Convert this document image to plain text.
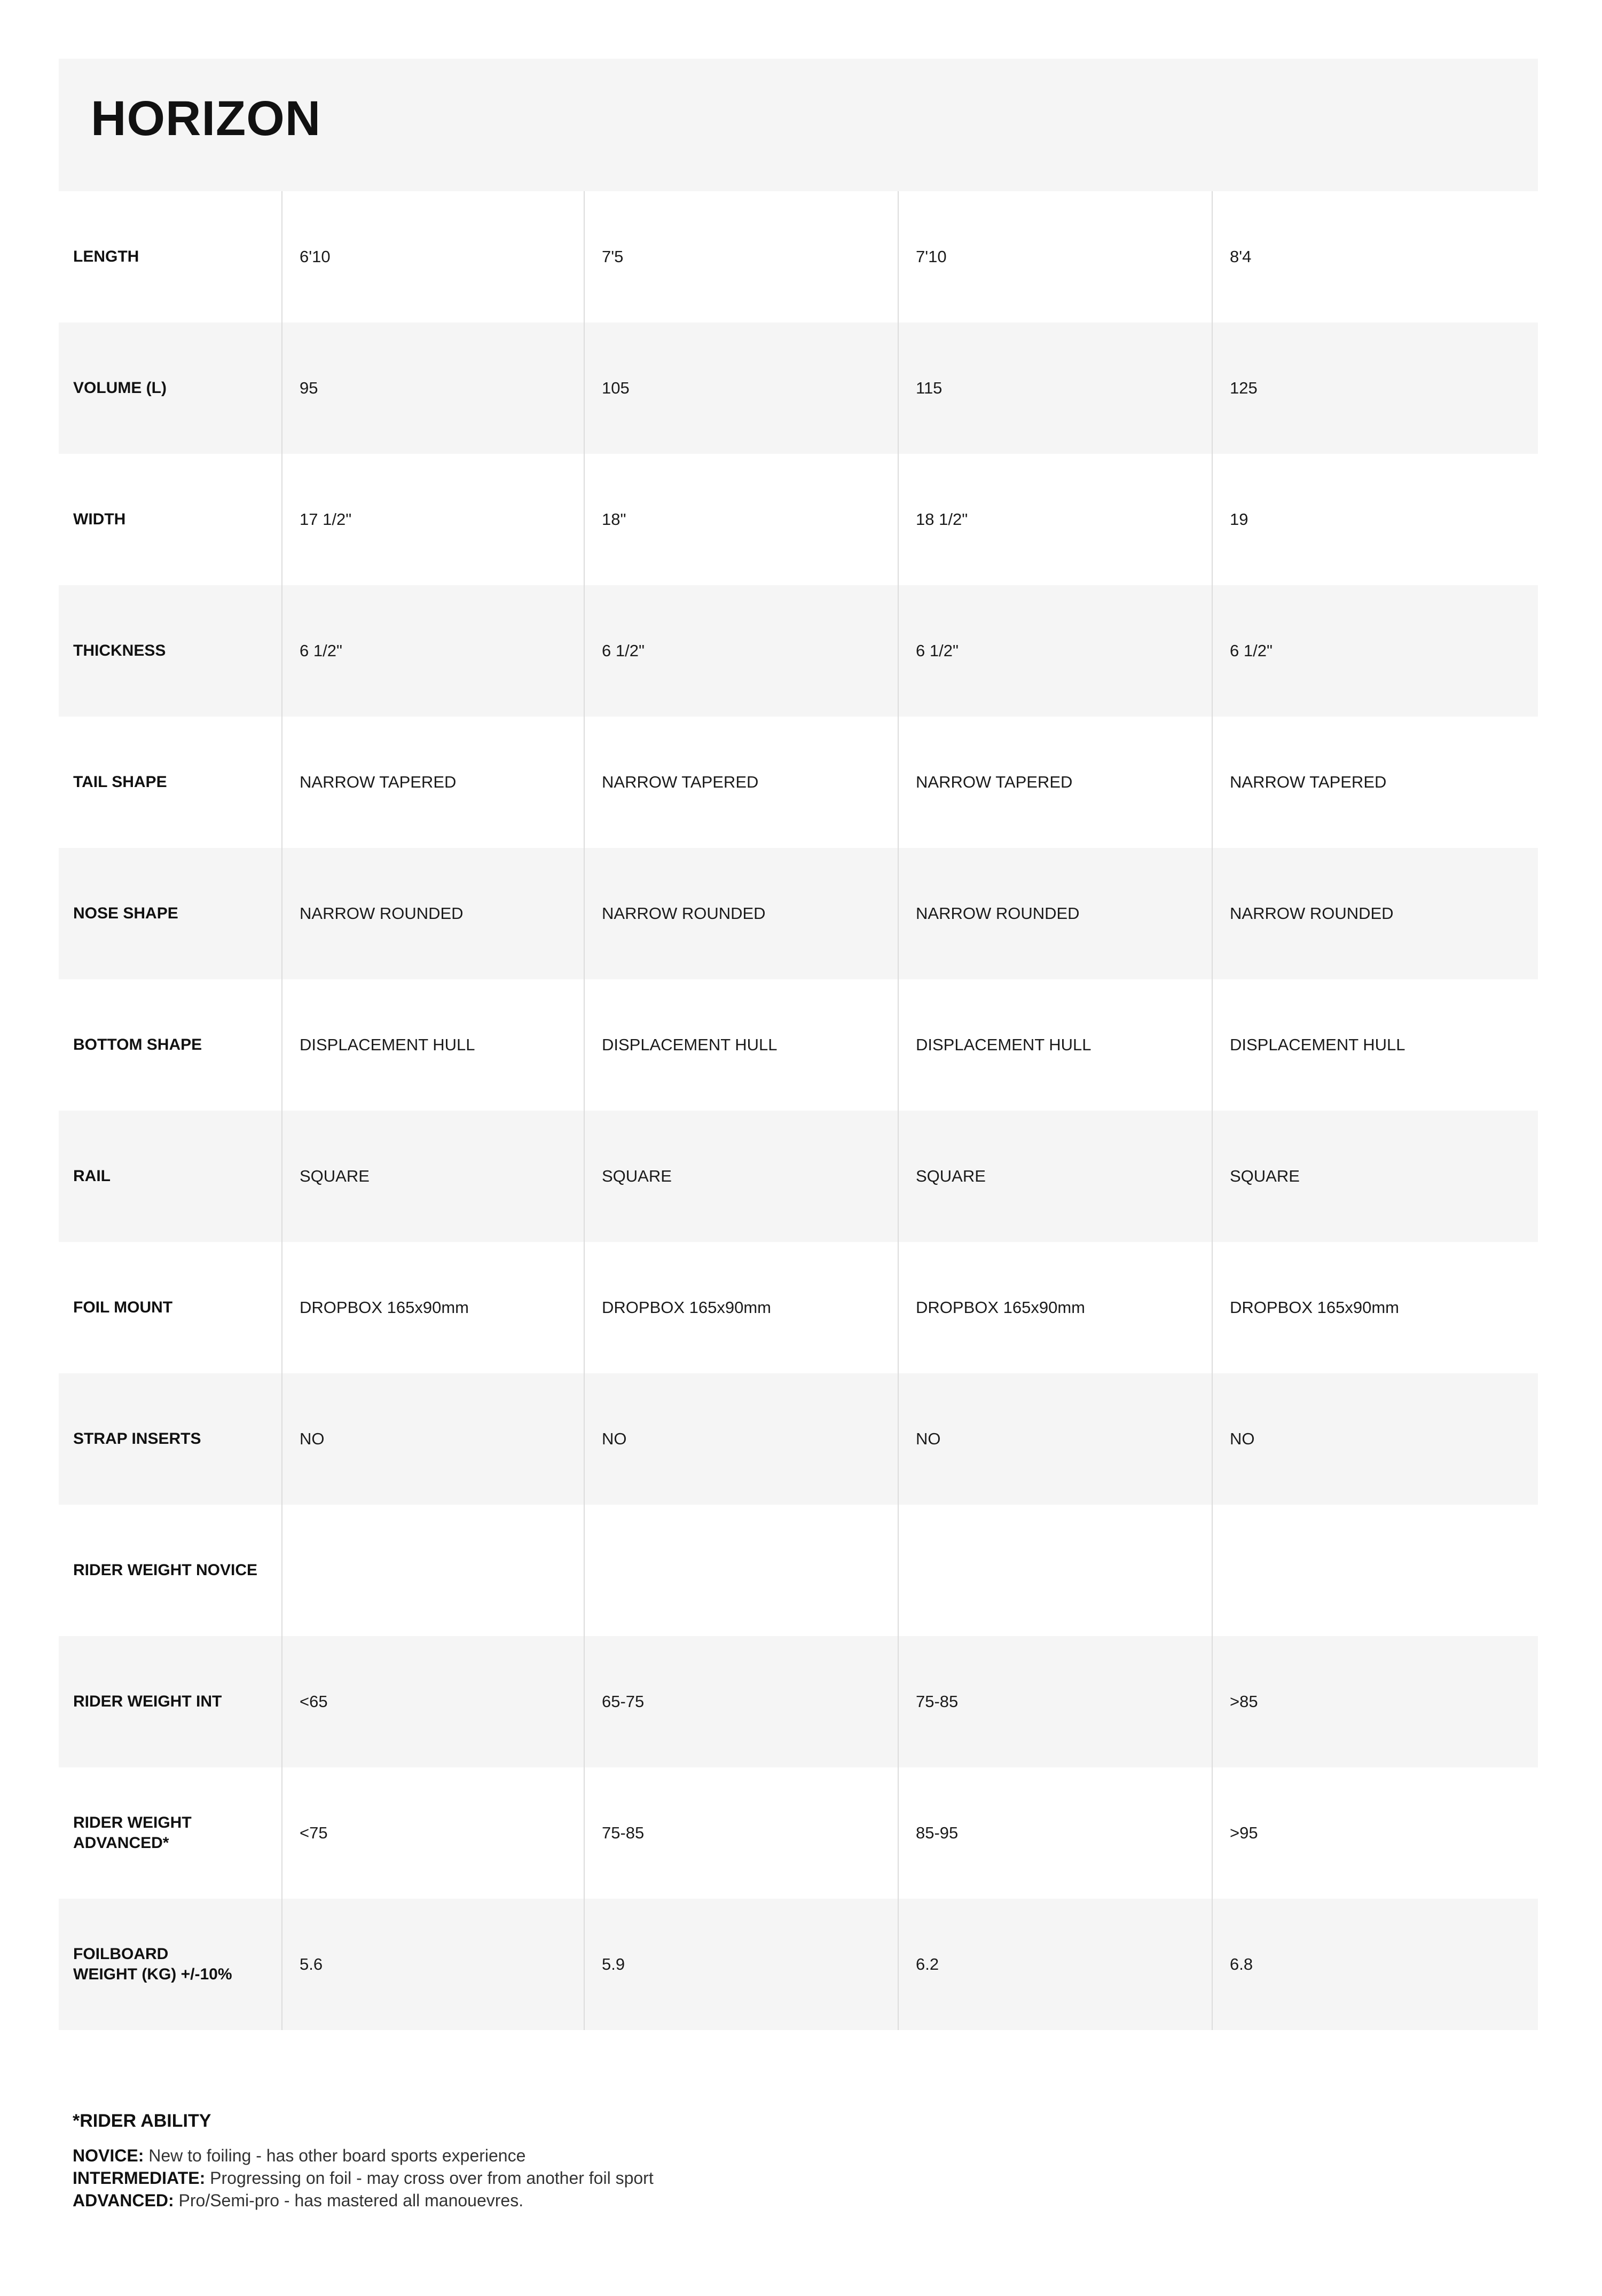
HORIZON
LENGTH	6'10	7'5	7'10	8'4
VOLUME (L)	95	105	115	125
WIDTH	17 1/2"	18"	18 1/2"	19
THICKNESS	6 1/2"	6 1/2"	6 1/2"	6 1/2"
TAIL SHAPE	NARROW TAPERED	NARROW TAPERED	NARROW TAPERED	NARROW TAPERED
NOSE SHAPE	NARROW ROUNDED	NARROW ROUNDED	NARROW ROUNDED	NARROW ROUNDED
BOTTOM SHAPE	DISPLACEMENT HULL	DISPLACEMENT HULL	DISPLACEMENT HULL	DISPLACEMENT HULL
RAIL	SQUARE	SQUARE	SQUARE	SQUARE
FOIL MOUNT	DROPBOX 165x90mm	DROPBOX 165x90mm	DROPBOX 165x90mm	DROPBOX 165x90mm
STRAP INSERTS	NO	NO	NO	NO
RIDER WEIGHT NOVICE				
RIDER WEIGHT INT	<65	65-75	75-85	>85
RIDER WEIGHT
ADVANCED*	<75	75-85	85-95	>95
FOILBOARD
WEIGHT (KG) +/-10%	5.6	5.9	6.2	6.8

*RIDER ABILITY

NOVICE: New to foiling - has other board sports experience

INTERMEDIATE: Progressing on foil - may cross over from another foil sport

ADVANCED: Pro/Semi-pro - has mastered all manouevres.
